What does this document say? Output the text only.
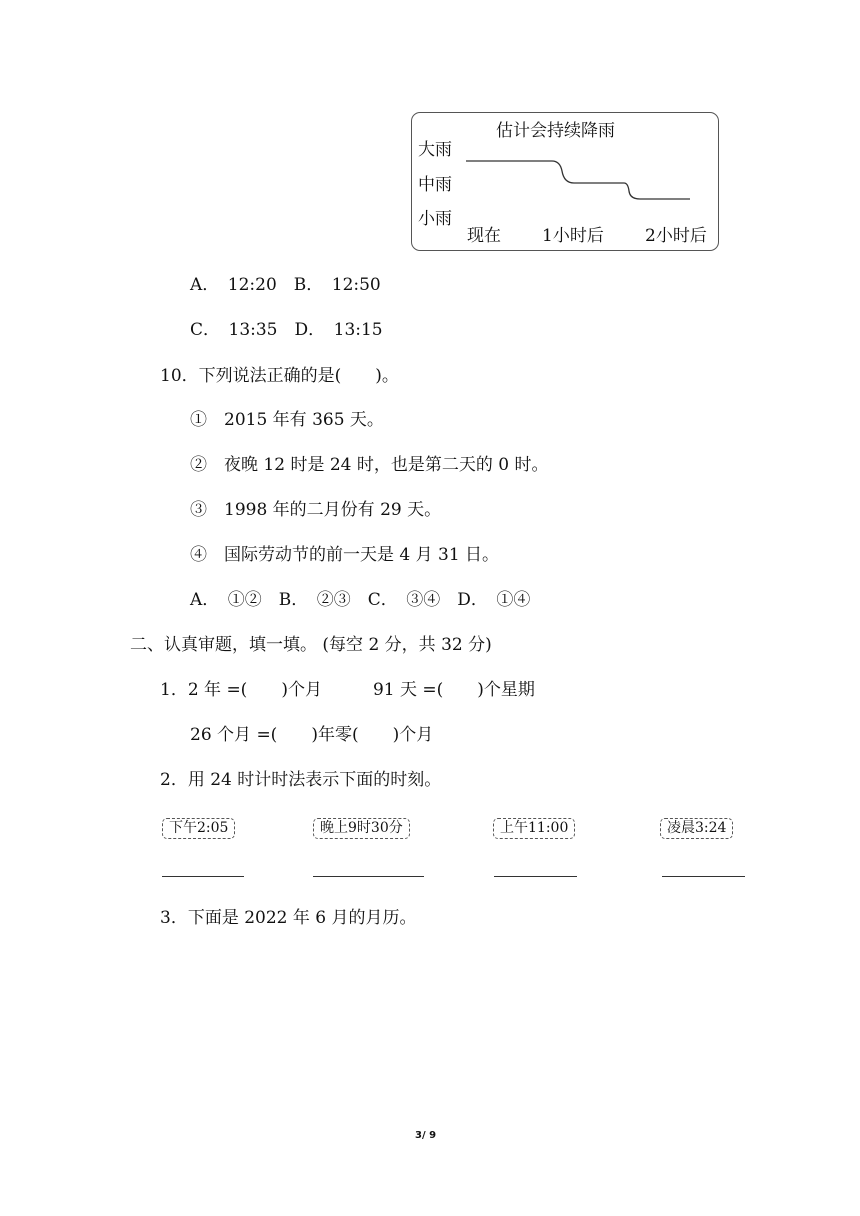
估计会持续降雨
大雨
中雨
小雨
现在 1小时后 2小时后
A．　12:20　B．　12:50
C．　13:35　D．　13:15
10．下列说法正确的是(　　)。
①　2015 年有 365 天。
②　夜晚 12 时是 24 时，也是第二天的 0 时。
③　1998 年的二月份有 29 天。
④　国际劳动节的前一天是 4 月 31 日。
A．　①②　B．　②③　C．　③④　D．　①④
二、认真审题，填一填。 (每空 2 分，共 32 分)
1．2 年 =(　　)个月　　　91 天 =(　　)个星期
26 个月 =(　　)年零(　　)个月
2．用 24 时计时法表示下面的时刻。
下午2:05	晚上9时30分	上午11:00	凌晨3:24
3．下面是 2022 年 6 月的月历。
3/ 9
